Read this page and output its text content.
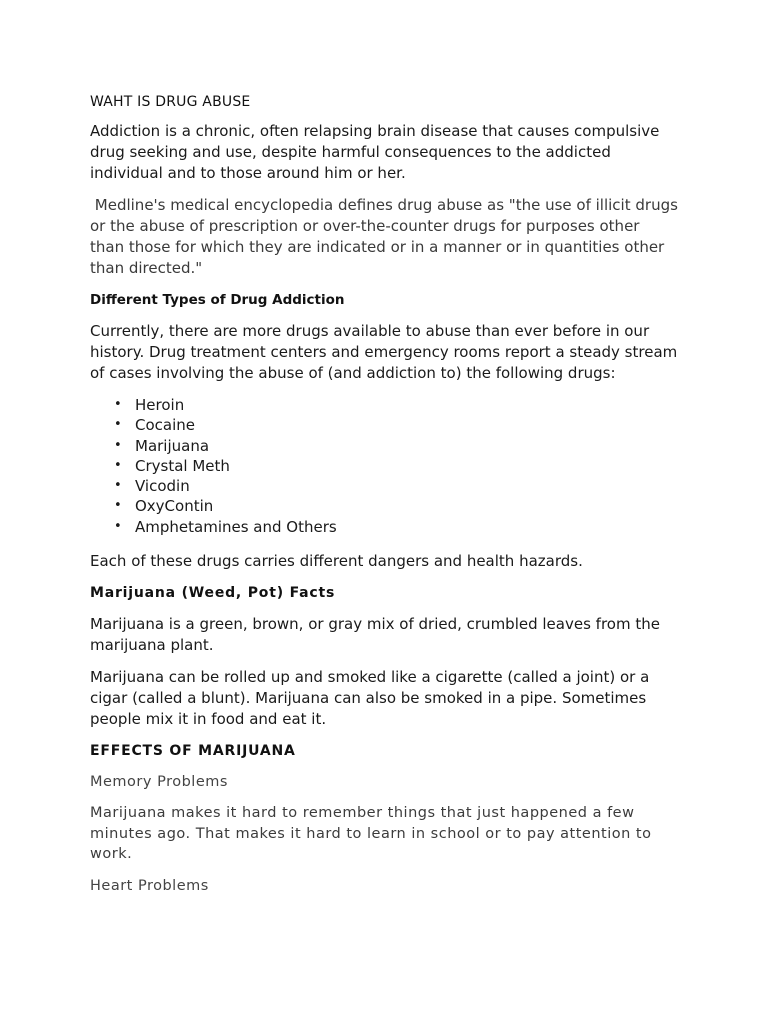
WAHT IS DRUG ABUSE

Addiction is a chronic, often relapsing brain disease that causes compulsive drug seeking and use, despite harmful consequences to the addicted individual and to those around him or her.

Medline's medical encyclopedia defines drug abuse as "the use of illicit drugs or the abuse of prescription or over-the-counter drugs for purposes other than those for which they are indicated or in a manner or in quantities other than directed."

Different Types of Drug Addiction

Currently, there are more drugs available to abuse than ever before in our history. Drug treatment centers and emergency rooms report a steady stream of cases involving the abuse of (and addiction to) the following drugs:

• Heroin
• Cocaine
• Marijuana
• Crystal Meth
• Vicodin
• OxyContin
• Amphetamines and Others

Each of these drugs carries different dangers and health hazards.

Marijuana (Weed, Pot) Facts

Marijuana is a green, brown, or gray mix of dried, crumbled leaves from the marijuana plant.

Marijuana can be rolled up and smoked like a cigarette (called a joint) or a cigar (called a blunt). Marijuana can also be smoked in a pipe. Sometimes people mix it in food and eat it.

EFFECTS OF MARIJUANA

Memory Problems

Marijuana makes it hard to remember things that just happened a few minutes ago. That makes it hard to learn in school or to pay attention to work.

Heart Problems
